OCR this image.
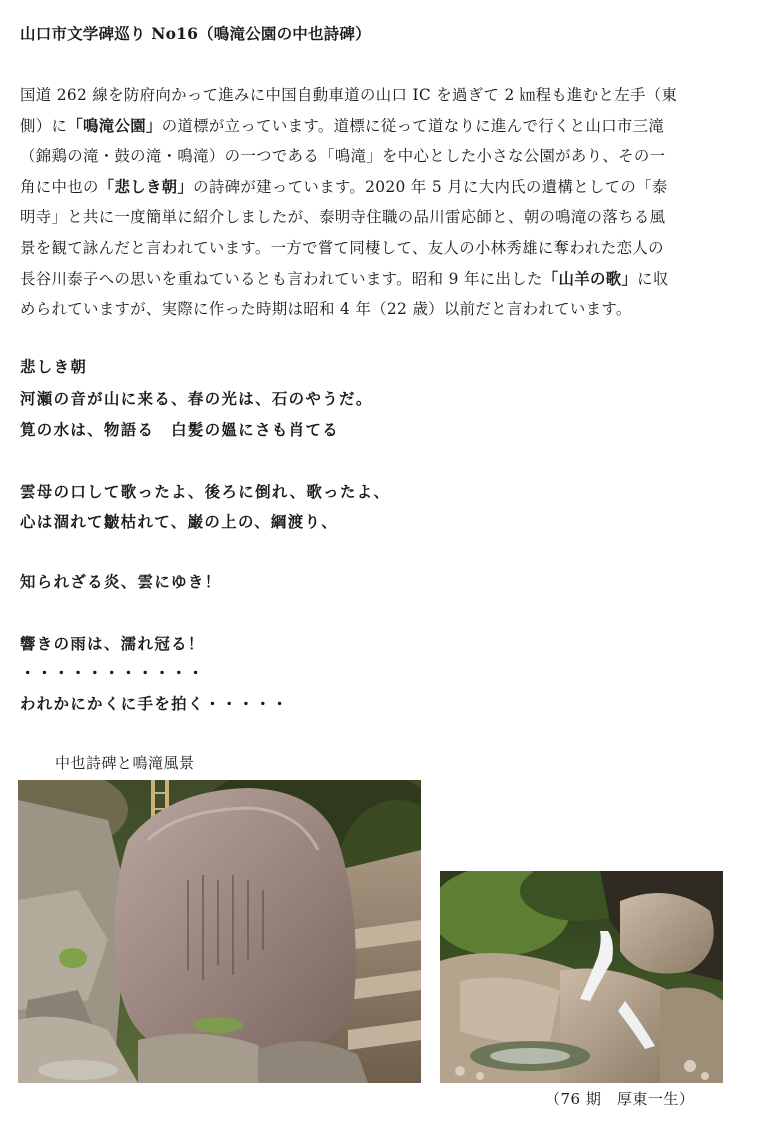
山口市文学碑巡り No16（鳴滝公園の中也詩碑）
国道 262 線を防府向かって進みに中国自動車道の山口 IC を過ぎて 2 ㎞程も進むと左手（東
側）に「鳴滝公園」の道標が立っています。道標に従って道なりに進んで行くと山口市三滝
（錦鶏の滝・鼓の滝・鳴滝）の一つである「鳴滝」を中心とした小さな公園があり、その一
角に中也の「悲しき朝」の詩碑が建っています。2020 年 5 月に大内氏の遺構としての「泰
明寺」と共に一度簡単に紹介しましたが、泰明寺住職の品川雷応師と、朝の鳴滝の落ちる風
景を観て詠んだと言われています。一方で嘗て同棲して、友人の小林秀雄に奪われた恋人の
長谷川泰子への思いを重ねているとも言われています。昭和 9 年に出した「山羊の歌」に収
められていますが、実際に作った時期は昭和 4 年（22 歳）以前だと言われています。
悲しき朝
河瀬の音が山に来る、春の光は、石のやうだ。
筧の水は、物語る　白髪の媼にさも肖てる
雲母の口して歌ったよ、後ろに倒れ、歌ったよ、
心は涸れて皺枯れて、巌の上の、綱渡り、
知られざる炎、雲にゆき！
響きの雨は、濡れ冠る！
・・・・・・・・・・・
われかにかくに手を拍く・・・・・
中也詩碑と鳴滝風景
（76 期　厚東一生）
